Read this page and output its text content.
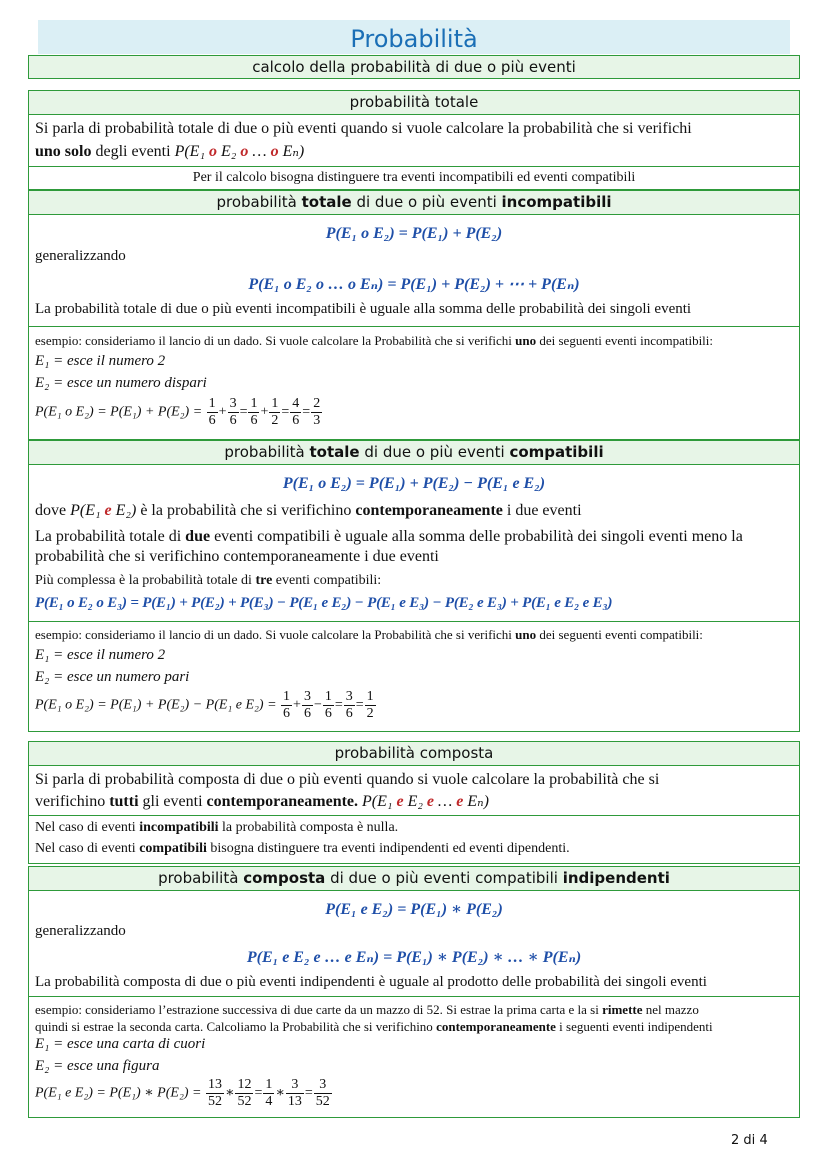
Probabilità
calcolo della probabilità di due o più eventi
probabilità totale
Si parla di probabilità totale di due o più eventi quando si vuole calcolare la probabilità che si verifichi
uno solo degli eventi P(E₁ o E₂ o … o Eₙ)
Per il calcolo bisogna distinguere tra eventi incompatibili ed eventi compatibili
probabilità totale di due o più eventi incompatibili
P(E₁ o E₂) = P(E₁) + P(E₂)
generalizzando
P(E₁ o E₂ o … o Eₙ) = P(E₁) + P(E₂) + ⋯ + P(Eₙ)
La probabilità totale di due o più eventi incompatibili è uguale alla somma delle probabilità dei singoli eventi
esempio: consideriamo il lancio di un dado. Si vuole calcolare la Probabilità che si verifichi uno dei seguenti eventi incompatibili:
E₁ = esce il numero 2
E₂ = esce un numero dispari
P(E₁ o $E_2) = P(E_1) + P(E_2) = \frac{1}{6} + \frac{3}{6} = \frac{1}{6} + \frac{1}{2} = \frac{4}{6} = \frac{2}{3}$
probabilità totale di due o più eventi compatibili
P(E₁ o E₂) = P(E₁) + P(E₂) − P(E₁ e E₂)
dove P(E₁ e E₂) è la probabilità che si verifichino contemporaneamente i due eventi
La probabilità totale di due eventi compatibili è uguale alla somma delle probabilità dei singoli eventi meno la
probabilità che si verifichino contemporaneamente i due eventi
Più complessa è la probabilità totale di tre eventi compatibili:
P(E₁ o E₂ o E₃) = P(E₁) + P(E₂) + P(E₃) − P(E₁ e E₂) − P(E₁ e E₃) − P(E₂ e E₃) + P(E₁ e E₂ e E₃)
esempio: consideriamo il lancio di un dado. Si vuole calcolare la Probabilità che si verifichi uno dei seguenti eventi compatibili:
E₁ = esce il numero 2
E₂ = esce un numero pari
P(E₁ o E₂) = P(E₁) + P(E₂) − P(E₁ e $E_2) = \frac{1}{6} + \frac{3}{6} - \frac{1}{6} = \frac{3}{6} = \frac{1}{2}$
probabilità composta
Si parla di probabilità composta di due o più eventi quando si vuole calcolare la probabilità che si
verifichino tutti gli eventi contemporaneamente. P(E₁ e E₂ e … e Eₙ)
Nel caso di eventi incompatibili la probabilità composta è nulla.
Nel caso di eventi compatibili bisogna distinguere tra eventi indipendenti ed eventi dipendenti.
probabilità composta di due o più eventi compatibili indipendenti
P(E₁ e E₂) = P(E₁) ∗ P(E₂)
generalizzando
P(E₁ e E₂ e … e Eₙ) = P(E₁) ∗ P(E₂) ∗ … ∗ P(Eₙ)
La probabilità composta di due o più eventi indipendenti è uguale al prodotto delle probabilità dei singoli eventi
esempio: consideriamo l’estrazione successiva di due carte da un mazzo di 52. Si estrae la prima carta e la si rimette nel mazzo
quindi si estrae la seconda carta. Calcoliamo la Probabilità che si verifichino contemporaneamente i seguenti eventi indipendenti
E₁ = esce una carta di cuori
E₂ = esce una figura
P(E₁ e E₂) = P(E₁) ∗ $P(E_2) = \frac{13}{52}$ ∗ $\frac{12}{52} = \frac{1}{4}$ ∗ $\frac{3}{13} = \frac{3}{52}$
2 di 4
